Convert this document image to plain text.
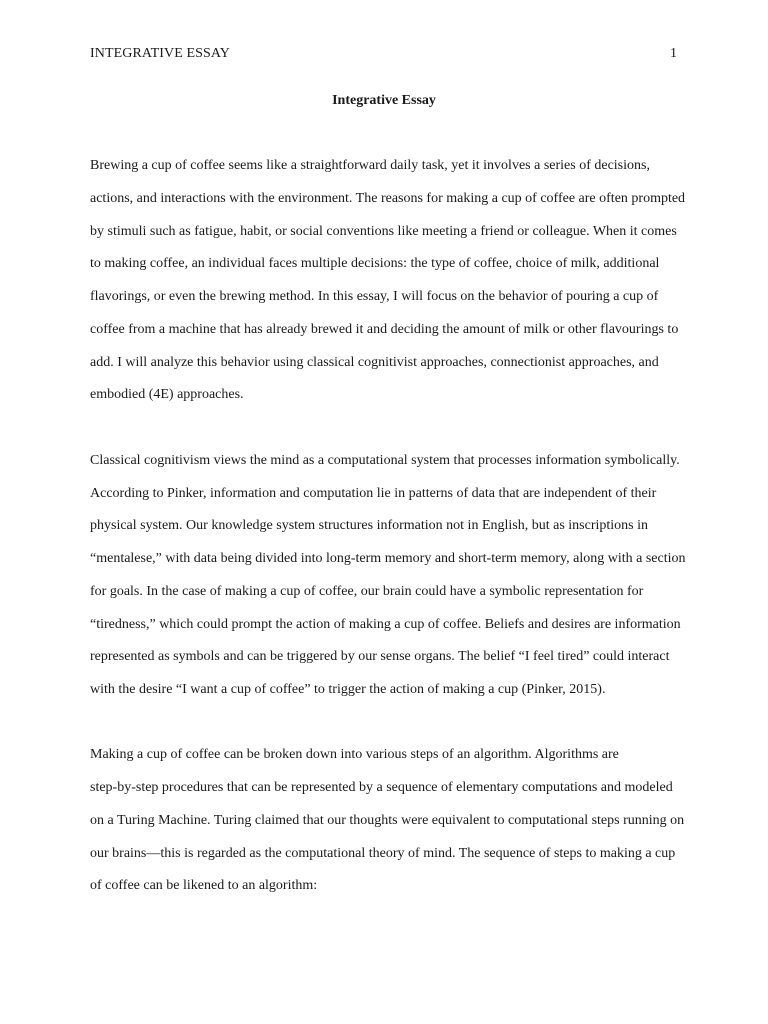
INTEGRATIVE ESSAY	1
Integrative Essay
Brewing a cup of coffee seems like a straightforward daily task, yet it involves a series of decisions,
actions, and interactions with the environment. The reasons for making a cup of coffee are often prompted
by stimuli such as fatigue, habit, or social conventions like meeting a friend or colleague. When it comes
to making coffee, an individual faces multiple decisions: the type of coffee, choice of milk, additional
flavorings, or even the brewing method. In this essay, I will focus on the behavior of pouring a cup of
coffee from a machine that has already brewed it and deciding the amount of milk or other flavourings to
add. I will analyze this behavior using classical cognitivist approaches, connectionist approaches, and
embodied (4E) approaches.
Classical cognitivism views the mind as a computational system that processes information symbolically.
According to Pinker, information and computation lie in patterns of data that are independent of their
physical system. Our knowledge system structures information not in English, but as inscriptions in
“mentalese,” with data being divided into long-term memory and short-term memory, along with a section
for goals. In the case of making a cup of coffee, our brain could have a symbolic representation for
“tiredness,” which could prompt the action of making a cup of coffee. Beliefs and desires are information
represented as symbols and can be triggered by our sense organs. The belief “I feel tired” could interact
with the desire “I want a cup of coffee” to trigger the action of making a cup (Pinker, 2015).
Making a cup of coffee can be broken down into various steps of an algorithm. Algorithms are
step-by-step procedures that can be represented by a sequence of elementary computations and modeled
on a Turing Machine. Turing claimed that our thoughts were equivalent to computational steps running on
our brains—this is regarded as the computational theory of mind. The sequence of steps to making a cup
of coffee can be likened to an algorithm:
